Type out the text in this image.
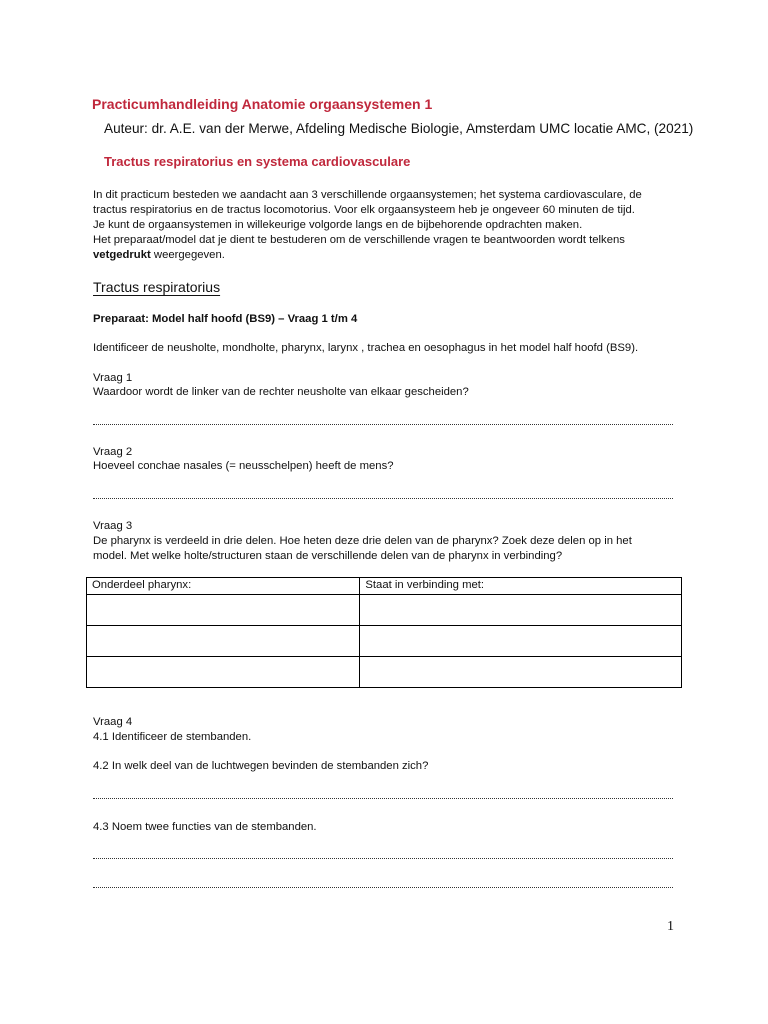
Practicumhandleiding Anatomie orgaansystemen 1
Auteur: dr. A.E. van der Merwe, Afdeling Medische Biologie, Amsterdam UMC locatie AMC, (2021)
Tractus respiratorius en systema cardiovasculare
In dit practicum besteden we aandacht aan 3 verschillende orgaansystemen; het systema cardiovasculare, de
tractus respiratorius en de tractus locomotorius. Voor elk orgaansysteem heb je ongeveer 60 minuten de tijd.
Je kunt de orgaansystemen in willekeurige volgorde langs en de bijbehorende opdrachten maken.
Het preparaat/model dat je dient te bestuderen om de verschillende vragen te beantwoorden wordt telkens
vetgedrukt weergegeven.
Tractus respiratorius
Preparaat: Model half hoofd (BS9) – Vraag 1 t/m 4
Identificeer de neusholte, mondholte, pharynx, larynx , trachea en oesophagus in het model half hoofd (BS9).
Vraag 1
Waardoor wordt de linker van de rechter neusholte van elkaar gescheiden?
Vraag 2
Hoeveel conchae nasales (= neusschelpen) heeft de mens?
Vraag 3
De pharynx is verdeeld in drie delen. Hoe heten deze drie delen van de pharynx? Zoek deze delen op in het
model. Met welke holte/structuren staan de verschillende delen van de pharynx in verbinding?
Onderdeel pharynx:	Staat in verbinding met:

Vraag 4
4.1 Identificeer de stembanden.
4.2 In welk deel van de luchtwegen bevinden de stembanden zich?
4.3 Noem twee functies van de stembanden.
1
